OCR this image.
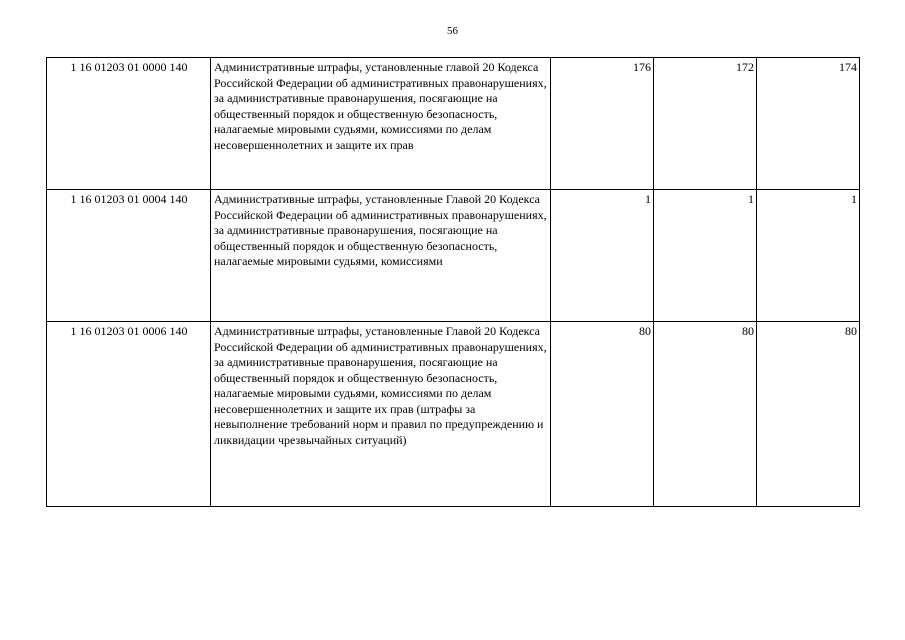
56
1 16 01203 01 0000 140	Административные штрафы, установленные главой 20 Кодекса Российской Федерации об административных правонарушениях, за административные правонарушения, посягающие на общественный порядок и общественную безопасность, налагаемые мировыми судьями, комиссиями по делам несовершеннолетних и защите их прав	176	172	174
1 16 01203 01 0004 140	Административные штрафы, установленные Главой 20 Кодекса Российской Федерации об административных правонарушениях, за административные правонарушения, посягающие на общественный порядок и общественную безопасность, налагаемые мировыми судьями, комиссиями	1	1	1
1 16 01203 01 0006 140	Административные штрафы, установленные Главой 20 Кодекса Российской Федерации об административных правонарушениях, за административные правонарушения, посягающие на общественный порядок и общественную безопасность, налагаемые мировыми судьями, комиссиями по делам несовершеннолетних и защите их прав (штрафы за невыполнение требований норм и правил по предупреждению и ликвидации чрезвычайных ситуаций)	80	80	80
